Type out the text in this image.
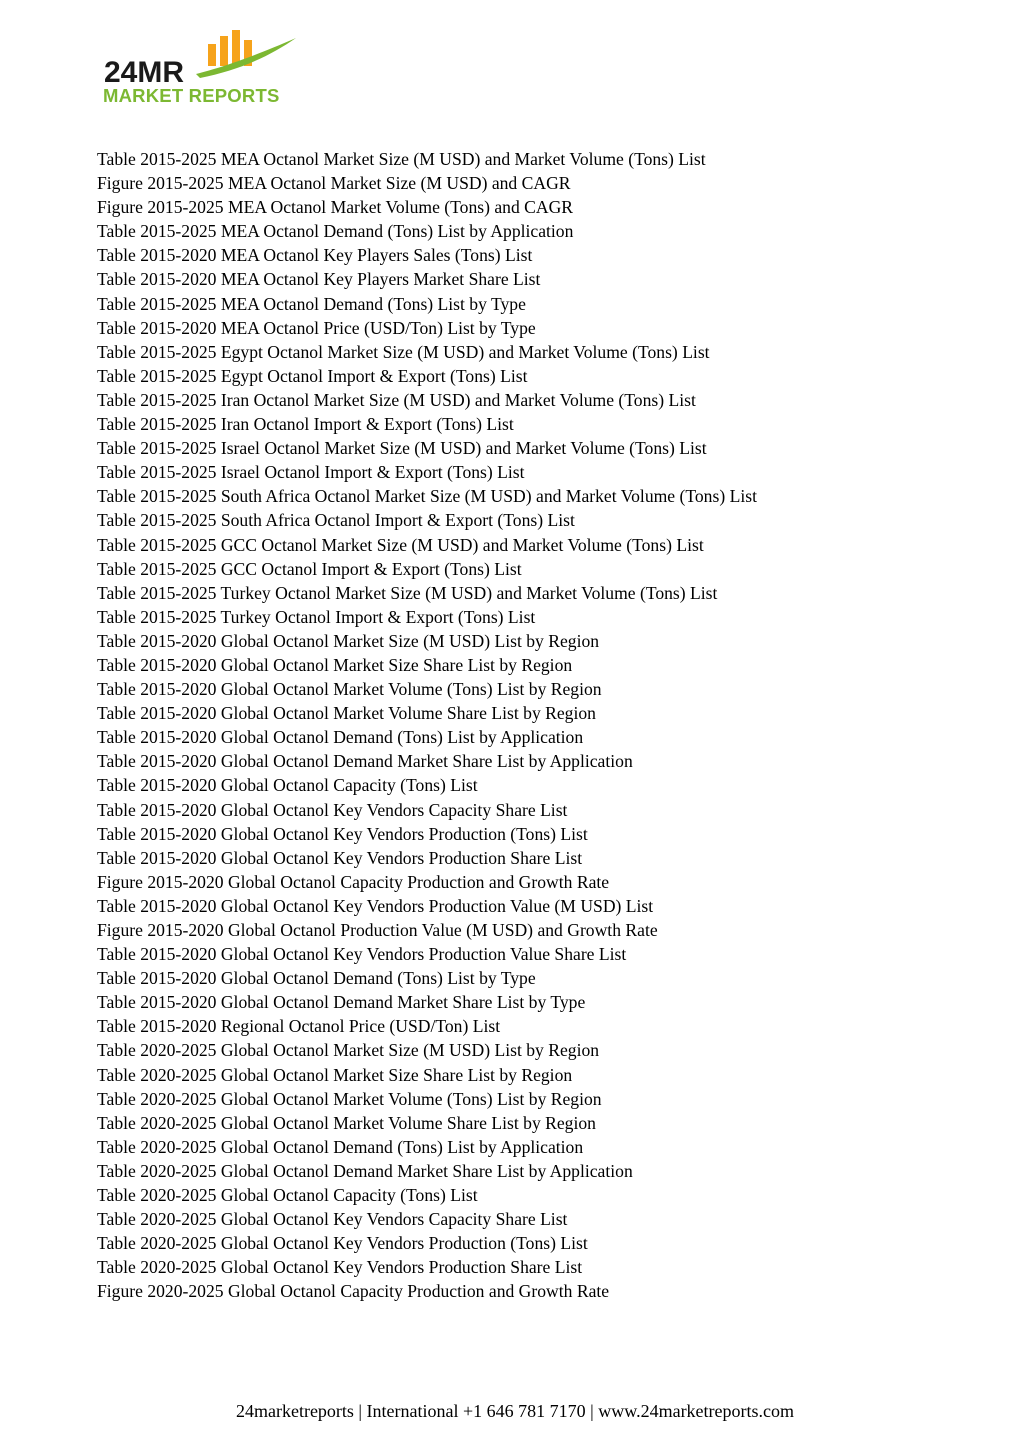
24MR
MARKET REPORTS
Table 2015-2025 MEA Octanol Market Size (M USD) and Market Volume (Tons) List
Figure 2015-2025 MEA Octanol Market Size (M USD) and CAGR
Figure 2015-2025 MEA Octanol Market Volume (Tons) and CAGR
Table 2015-2025 MEA Octanol Demand (Tons) List by Application
Table 2015-2020 MEA Octanol Key Players Sales (Tons) List
Table 2015-2020 MEA Octanol Key Players Market Share List
Table 2015-2025 MEA Octanol Demand (Tons) List by Type
Table 2015-2020 MEA Octanol Price (USD/Ton) List by Type
Table 2015-2025 Egypt Octanol Market Size (M USD) and Market Volume (Tons) List
Table 2015-2025 Egypt Octanol Import & Export (Tons) List
Table 2015-2025 Iran Octanol Market Size (M USD) and Market Volume (Tons) List
Table 2015-2025 Iran Octanol Import & Export (Tons) List
Table 2015-2025 Israel Octanol Market Size (M USD) and Market Volume (Tons) List
Table 2015-2025 Israel Octanol Import & Export (Tons) List
Table 2015-2025 South Africa Octanol Market Size (M USD) and Market Volume (Tons) List
Table 2015-2025 South Africa Octanol Import & Export (Tons) List
Table 2015-2025 GCC Octanol Market Size (M USD) and Market Volume (Tons) List
Table 2015-2025 GCC Octanol Import & Export (Tons) List
Table 2015-2025 Turkey Octanol Market Size (M USD) and Market Volume (Tons) List
Table 2015-2025 Turkey Octanol Import & Export (Tons) List
Table 2015-2020 Global Octanol Market Size (M USD) List by Region
Table 2015-2020 Global Octanol Market Size Share List by Region
Table 2015-2020 Global Octanol Market Volume (Tons) List by Region
Table 2015-2020 Global Octanol Market Volume Share List by Region
Table 2015-2020 Global Octanol Demand (Tons) List by Application
Table 2015-2020 Global Octanol Demand Market Share List by Application
Table 2015-2020 Global Octanol Capacity (Tons) List
Table 2015-2020 Global Octanol Key Vendors Capacity Share List
Table 2015-2020 Global Octanol Key Vendors Production (Tons) List
Table 2015-2020 Global Octanol Key Vendors Production Share List
Figure 2015-2020 Global Octanol Capacity Production and Growth Rate
Table 2015-2020 Global Octanol Key Vendors Production Value (M USD) List
Figure 2015-2020 Global Octanol Production Value (M USD) and Growth Rate
Table 2015-2020 Global Octanol Key Vendors Production Value Share List
Table 2015-2020 Global Octanol Demand (Tons) List by Type
Table 2015-2020 Global Octanol Demand Market Share List by Type
Table 2015-2020 Regional Octanol Price (USD/Ton) List
Table 2020-2025 Global Octanol Market Size (M USD) List by Region
Table 2020-2025 Global Octanol Market Size Share List by Region
Table 2020-2025 Global Octanol Market Volume (Tons) List by Region
Table 2020-2025 Global Octanol Market Volume Share List by Region
Table 2020-2025 Global Octanol Demand (Tons) List by Application
Table 2020-2025 Global Octanol Demand Market Share List by Application
Table 2020-2025 Global Octanol Capacity (Tons) List
Table 2020-2025 Global Octanol Key Vendors Capacity Share List
Table 2020-2025 Global Octanol Key Vendors Production (Tons) List
Table 2020-2025 Global Octanol Key Vendors Production Share List
Figure 2020-2025 Global Octanol Capacity Production and Growth Rate
24marketreports | International +1 646 781 7170 | www.24marketreports.com
